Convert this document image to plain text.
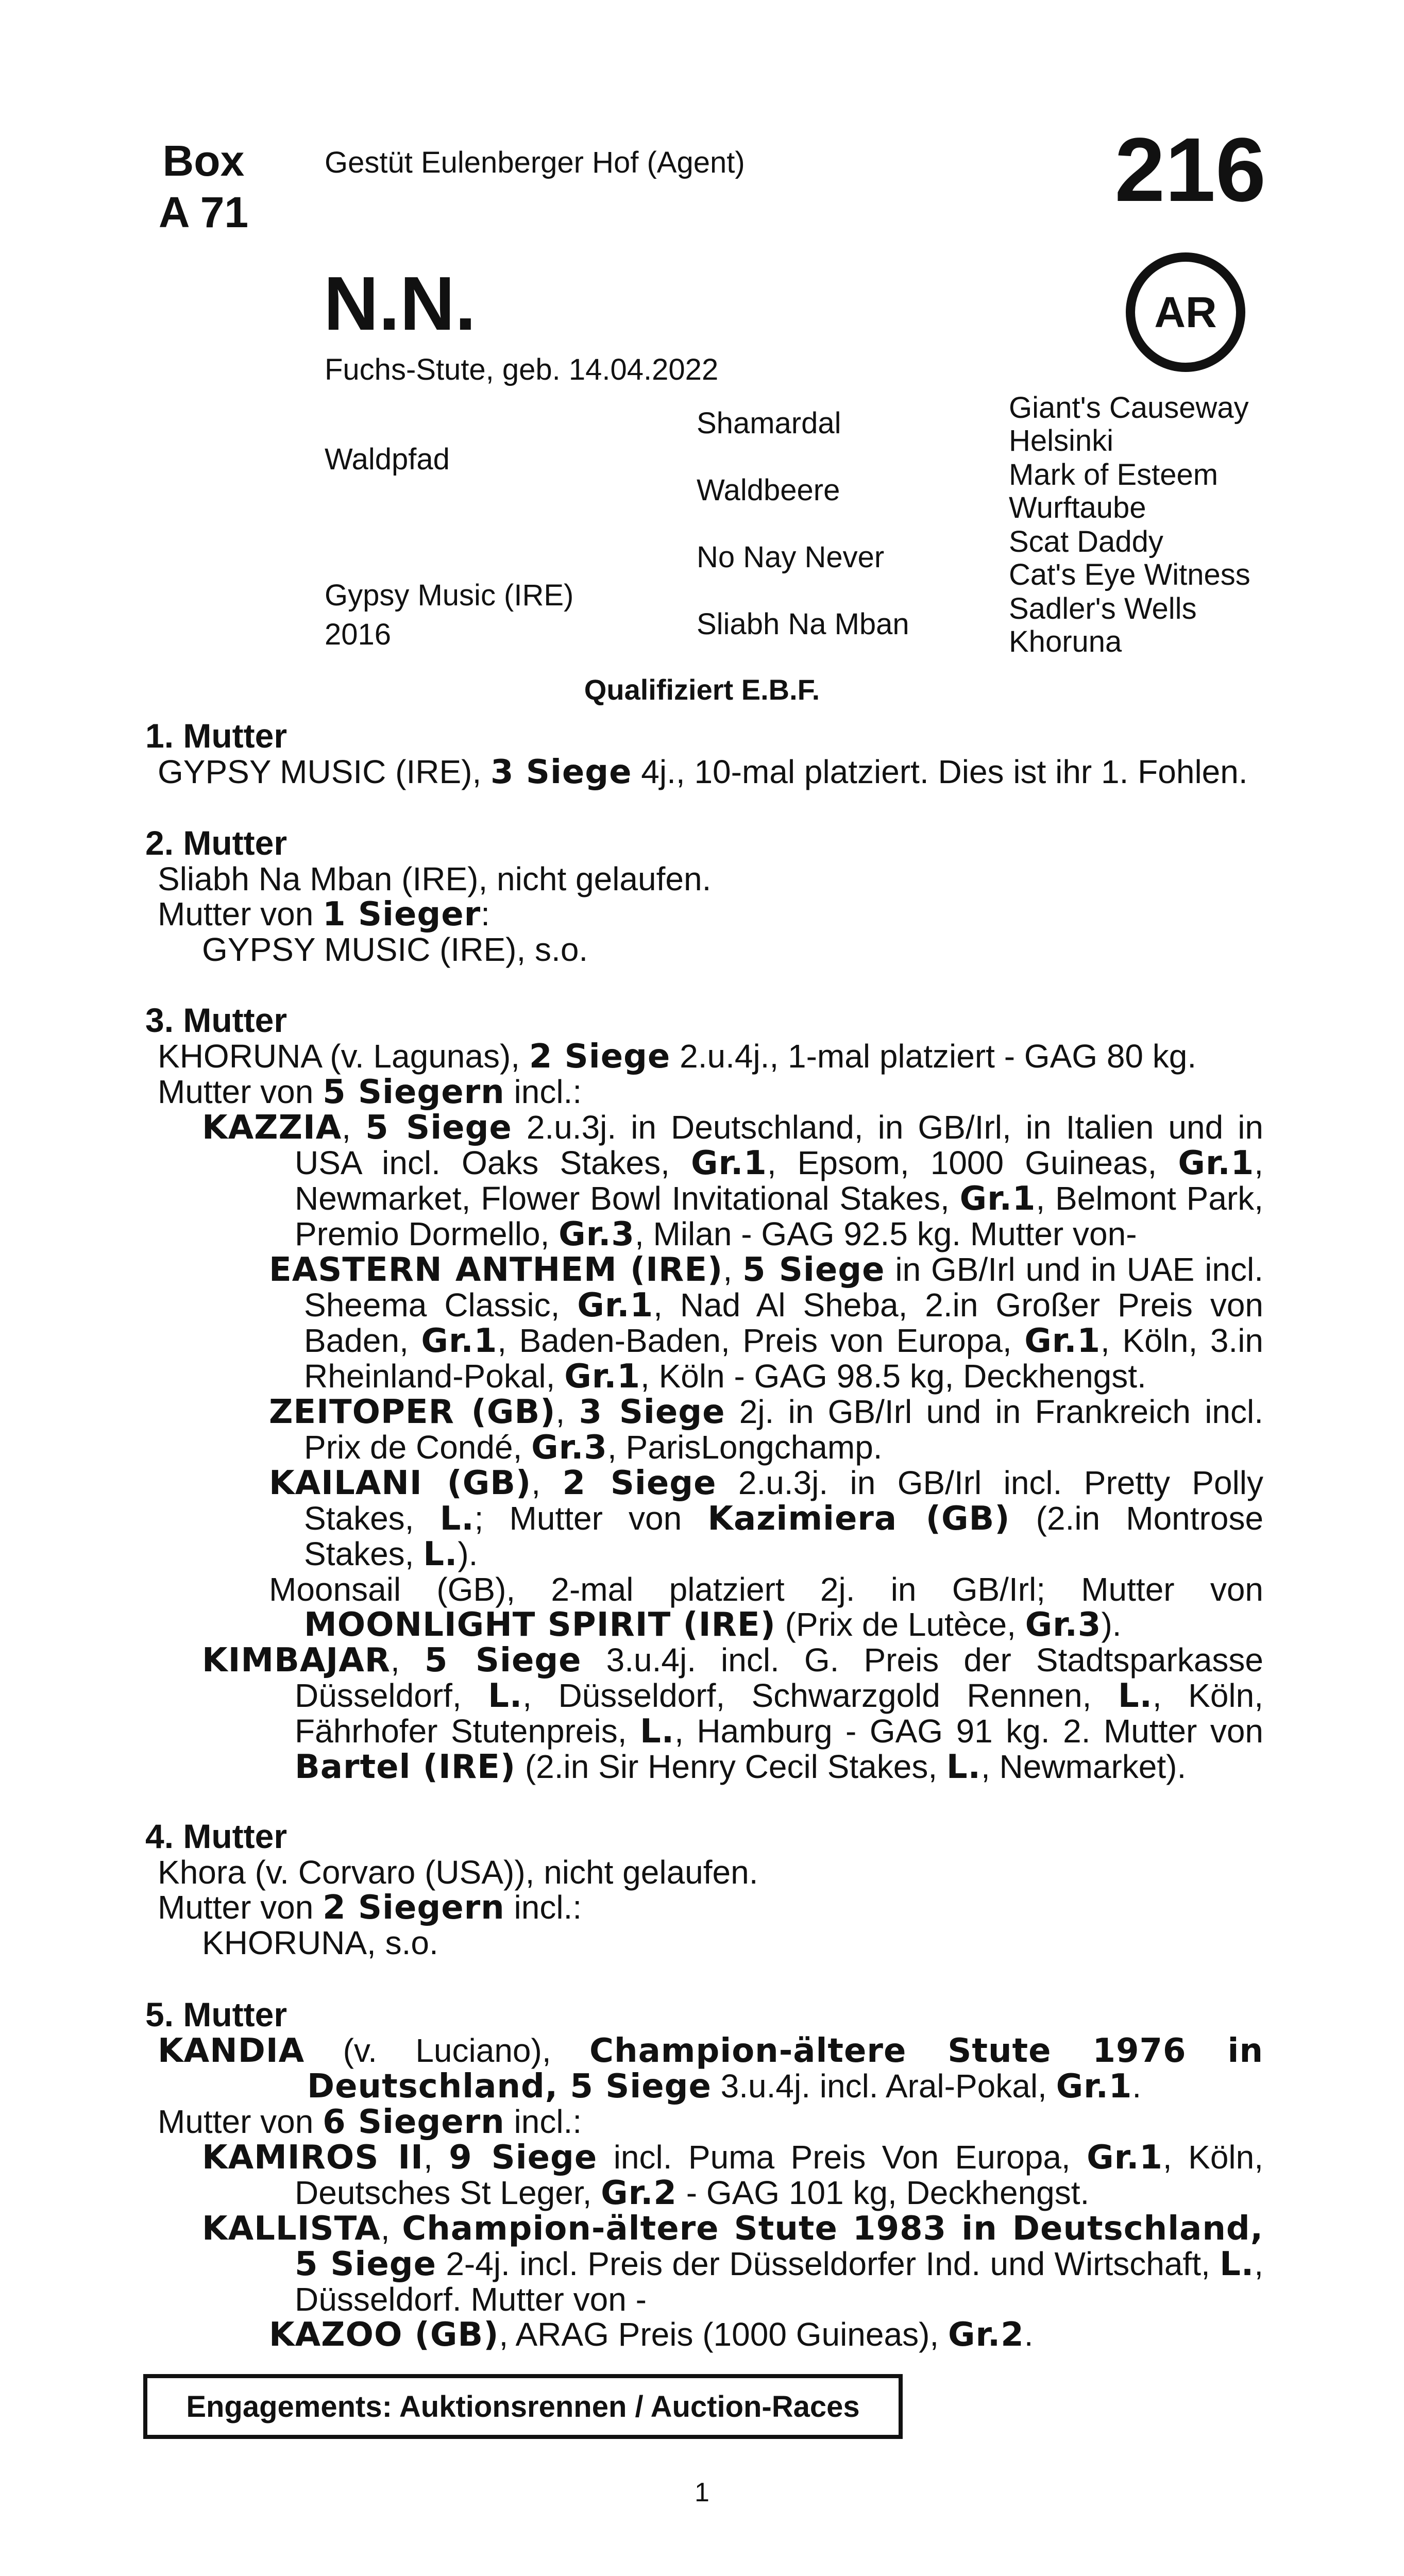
Box
A 71
Gestüt Eulenberger Hof (Agent)	216
AR
N.N.
Fuchs-Stute, geb. 14.04.2022
Waldpfad
Gypsy Music (IRE)
2016
Shamardal
Waldbeere
No Nay Never
Sliabh Na Mban
Giant's Causeway
Helsinki
Mark of Esteem
Wurftaube
Scat Daddy
Cat's Eye Witness
Sadler's Wells
Khoruna
Qualifiziert E.B.F.
1. Mutter
GYPSY MUSIC (IRE), 3 Siege 4j., 10-mal platziert. Dies ist ihr 1. Fohlen.
2. Mutter
Sliabh Na Mban (IRE), nicht gelaufen.
Mutter von 1 Sieger:
GYPSY MUSIC (IRE), s.o.
3. Mutter
KHORUNA (v. Lagunas), 2 Siege 2.u.4j., 1-mal platziert - GAG 80 kg.
Mutter von 5 Siegern incl.:
KAZZIA, 5 Siege 2.u.3j. in Deutschland, in GB/Irl, in Italien und in USA incl. Oaks Stakes, Gr.1, Epsom, 1000 Guineas, Gr.1, Newmarket, Flower Bowl Invitational Stakes, Gr.1, Belmont Park, Premio Dormello, Gr.3, Milan - GAG 92.5 kg. Mutter von-
EASTERN ANTHEM (IRE), 5 Siege in GB/Irl und in UAE incl. Sheema Classic, Gr.1, Nad Al Sheba, 2.in Großer Preis von Baden, Gr.1, Baden-Baden, Preis von Europa, Gr.1, Köln, 3.in Rheinland-Pokal, Gr.1, Köln - GAG 98.5 kg, Deckhengst.
ZEITOPER (GB), 3 Siege 2j. in GB/Irl und in Frankreich incl. Prix de Condé, Gr.3, ParisLongchamp.
KAILANI (GB), 2 Siege 2.u.3j. in GB/Irl incl. Pretty Polly Stakes, L.; Mutter von Kazimiera (GB) (2.in Montrose Stakes, L.).
Moonsail (GB), 2-mal platziert 2j. in GB/Irl; Mutter von MOONLIGHT SPIRIT (IRE) (Prix de Lutèce, Gr.3).
KIMBAJAR, 5 Siege 3.u.4j. incl. G. Preis der Stadtsparkasse Düsseldorf, L., Düsseldorf, Schwarzgold Rennen, L., Köln, Fährhofer Stutenpreis, L., Hamburg - GAG 91 kg. 2. Mutter von Bartel (IRE) (2.in Sir Henry Cecil Stakes, L., Newmarket).
4. Mutter
Khora (v. Corvaro (USA)), nicht gelaufen.
Mutter von 2 Siegern incl.:
KHORUNA, s.o.
5. Mutter
KANDIA (v. Luciano), Champion-ältere Stute 1976 in Deutschland, 5 Siege 3.u.4j. incl. Aral-Pokal, Gr.1.
Mutter von 6 Siegern incl.:
KAMIROS II, 9 Siege incl. Puma Preis Von Europa, Gr.1, Köln, Deutsches St Leger, Gr.2 - GAG 101 kg, Deckhengst.
KALLISTA, Champion-ältere Stute 1983 in Deutschland, 5 Siege 2-4j. incl. Preis der Düsseldorfer Ind. und Wirtschaft, L., Düsseldorf. Mutter von -
KAZOO (GB), ARAG Preis (1000 Guineas), Gr.2.
Engagements: Auktionsrennen / Auction-Races
1
